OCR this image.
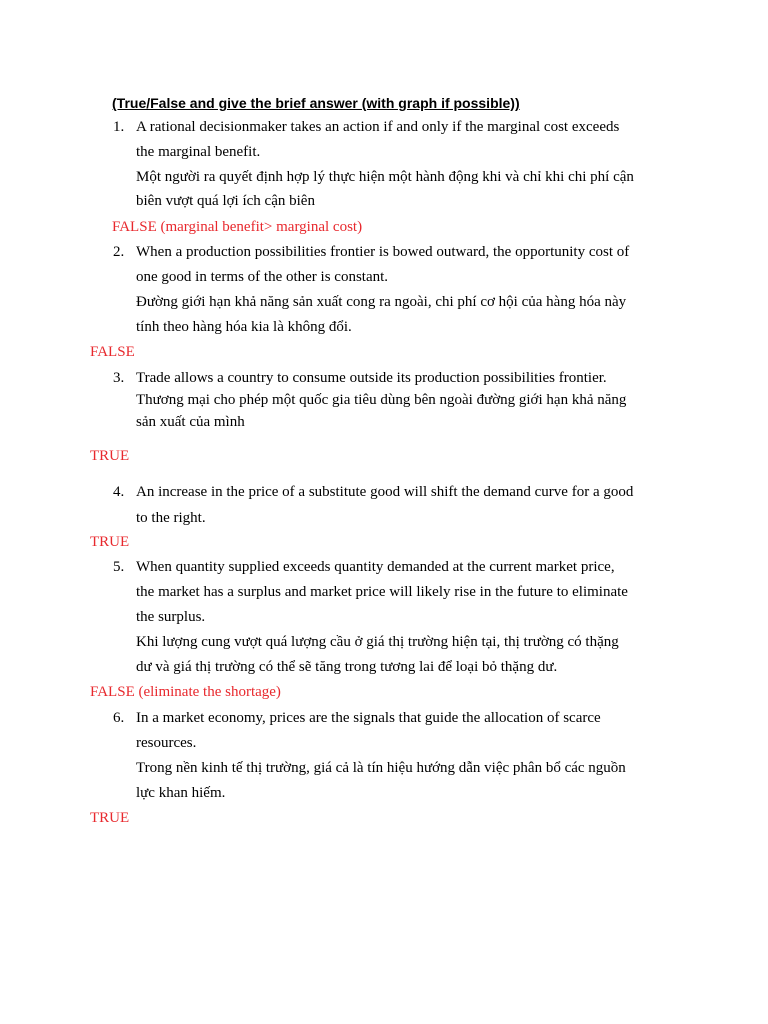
(True/False and give the brief answer (with graph if possible))
1. A rational decisionmaker takes an action if and only if the marginal cost exceeds
the marginal benefit.
Một người ra quyết định hợp lý thực hiện một hành động khi và chỉ khi chi phí cận
biên vượt quá lợi ích cận biên
FALSE (marginal benefit> marginal cost)
2. When a production possibilities frontier is bowed outward, the opportunity cost of
one good in terms of the other is constant.
Đường giới hạn khả năng sản xuất cong ra ngoài, chi phí cơ hội của hàng hóa này
tính theo hàng hóa kia là không đổi.
FALSE
3. Trade allows a country to consume outside its production possibilities frontier.
Thương mại cho phép một quốc gia tiêu dùng bên ngoài đường giới hạn khả năng
sản xuất của mình
TRUE
4. An increase in the price of a substitute good will shift the demand curve for a good
to the right.
TRUE
5. When quantity supplied exceeds quantity demanded at the current market price,
the market has a surplus and market price will likely rise in the future to eliminate
the surplus.
Khi lượng cung vượt quá lượng cầu ở giá thị trường hiện tại, thị trường có thặng
dư và giá thị trường có thể sẽ tăng trong tương lai để loại bỏ thặng dư.
FALSE (eliminate the shortage)
6. In a market economy, prices are the signals that guide the allocation of scarce
resources.
Trong nền kinh tế thị trường, giá cả là tín hiệu hướng dẫn việc phân bổ các nguồn
lực khan hiếm.
TRUE
